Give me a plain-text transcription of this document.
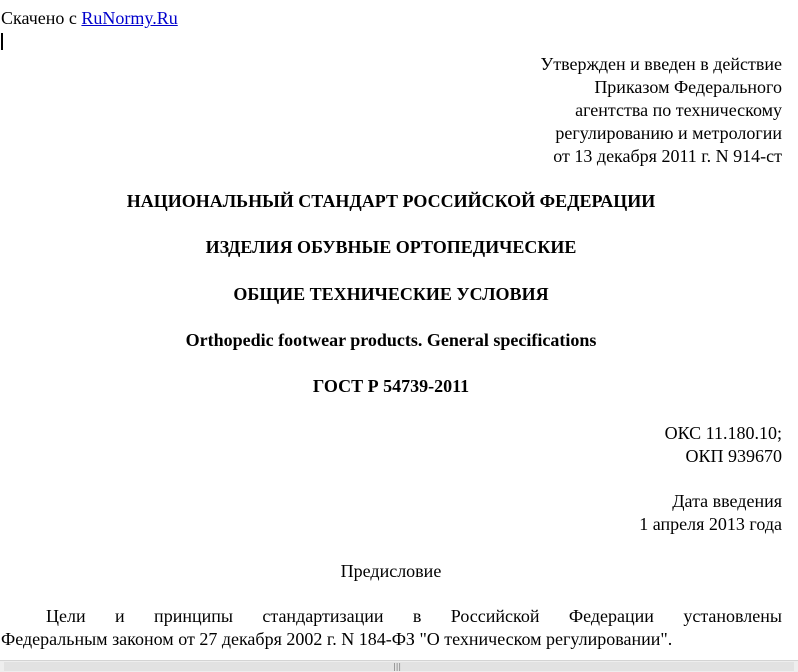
Скачено с RuNormy.Ru
Утвержден и введен в действие
Приказом Федерального
агентства по техническому
регулированию и метрологии
от 13 декабря 2011 г. N 914-ст
НАЦИОНАЛЬНЫЙ СТАНДАРТ РОССИЙСКОЙ ФЕДЕРАЦИИ
ИЗДЕЛИЯ ОБУВНЫЕ ОРТОПЕДИЧЕСКИЕ
ОБЩИЕ ТЕХНИЧЕСКИЕ УСЛОВИЯ
Orthopedic footwear products. General specifications
ГОСТ Р 54739-2011
ОКС 11.180.10;
ОКП 939670
Дата введения
1 апреля 2013 года
Предисловие
Цели и принципы стандартизации в Российской Федерации установлены
Федеральным законом от 27 декабря 2002 г. N 184-ФЗ "О техническом регулировании".
|||
